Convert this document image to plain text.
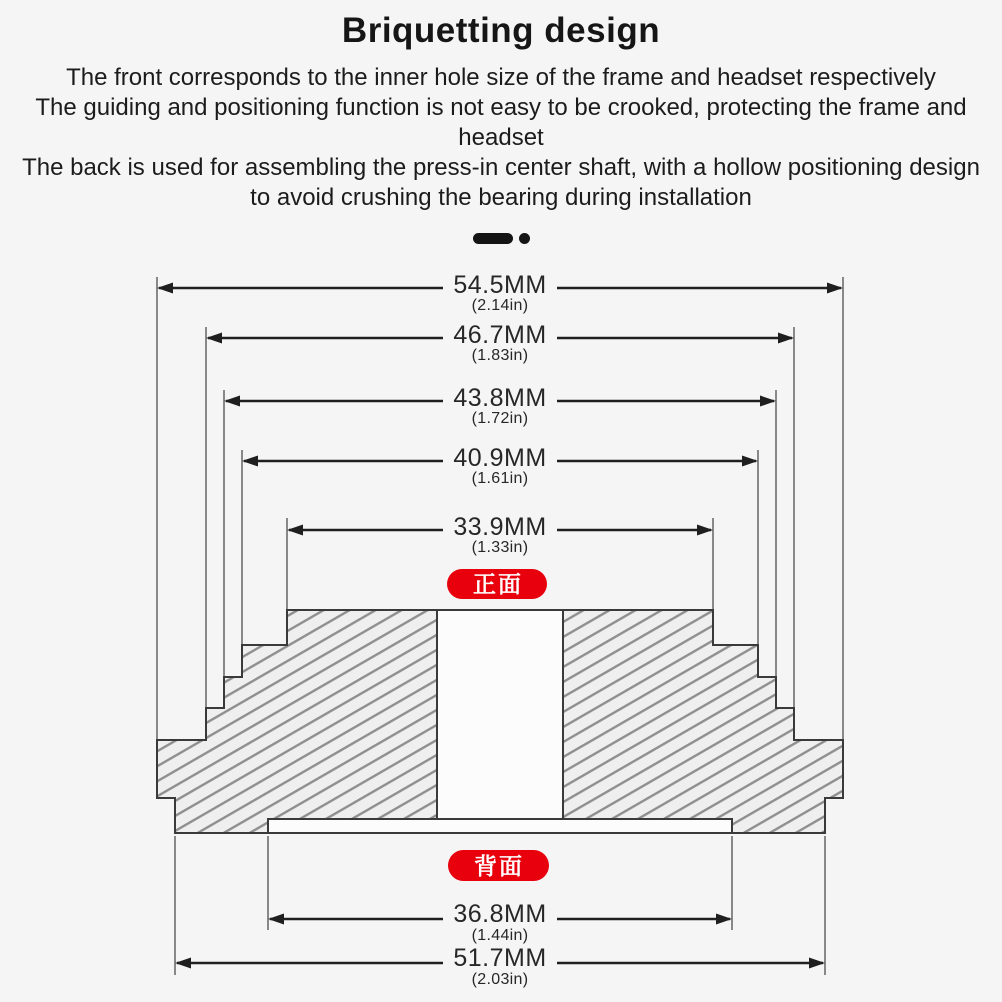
Briquetting design
The front corresponds to the inner hole size of the frame and headset respectively
The guiding and positioning function is not easy to be crooked, protecting the frame and
headset
The back is used for assembling the press-in center shaft, with a hollow positioning design
to avoid crushing the bearing during installation
54.5MM
(2.14in)
46.7MM
(1.83in)
43.8MM
(1.72in)
40.9MM
(1.61in)
33.9MM
(1.33in)
正面
背面
36.8MM
(1.44in)
51.7MM
(2.03in)
